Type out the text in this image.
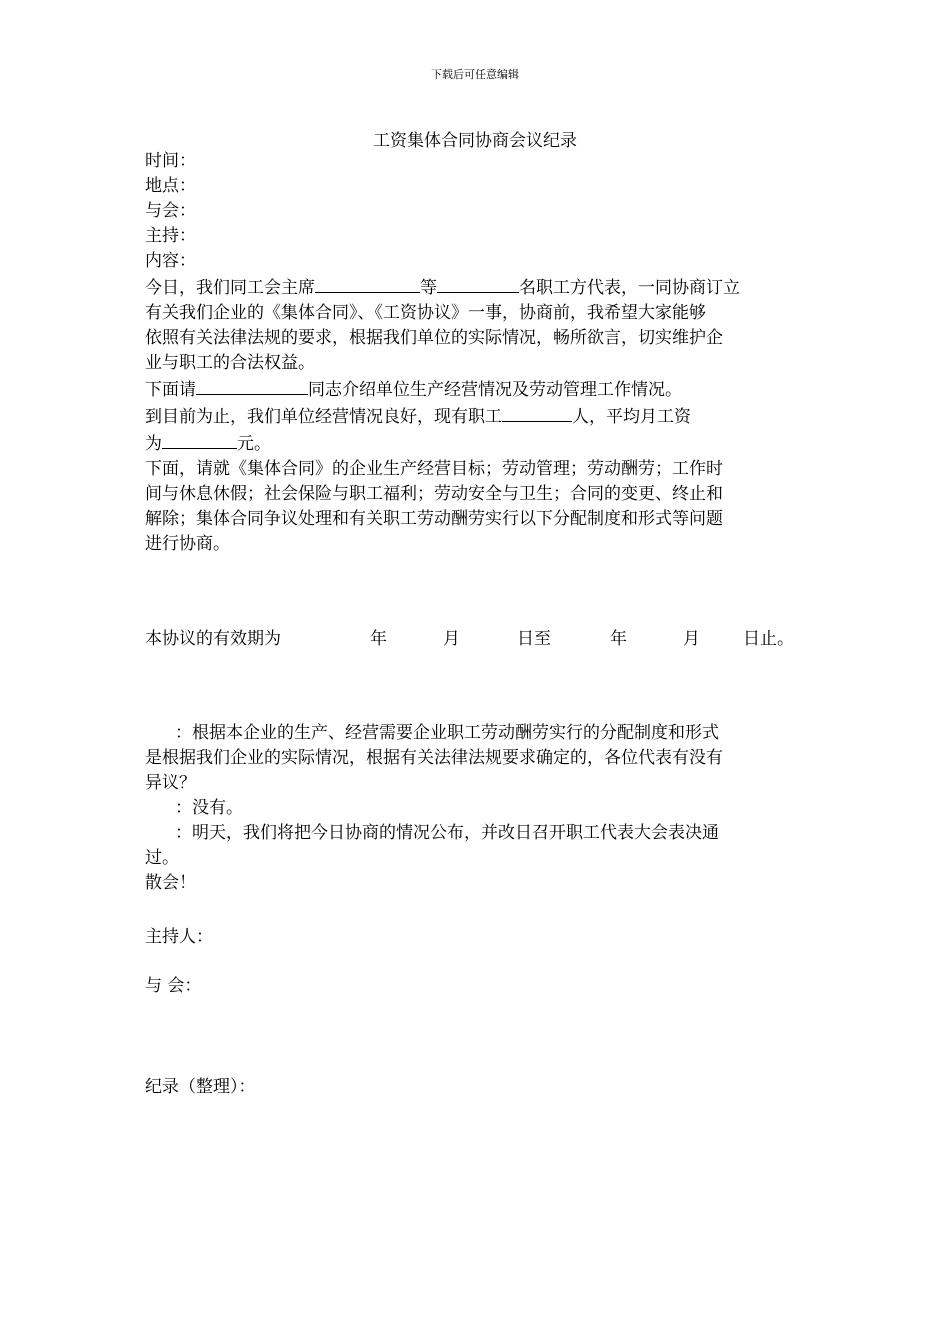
下载后可任意编辑
工资集体合同协商会议纪录
时间：
地点：
与会：
主持：
内容：
今日，我们同工会主席	等	名职工方代表，一同协商订立
有关我们企业的《集体合同》、《工资协议》一事，协商前，我希望大家能够
依照有关法律法规的要求，根据我们单位的实际情况，畅所欲言，切实维护企
业与职工的合法权益。
下面请	同志介绍单位生产经营情况及劳动管理工作情况。
到目前为止，我们单位经营情况良好，现有职工	人，平均月工资
为	元。
下面，请就《集体合同》的企业生产经营目标；劳动管理；劳动酬劳；工作时
间与休息休假；社会保险与职工福利；劳动安全与卫生；合同的变更、终止和
解除；集体合同争议处理和有关职工劳动酬劳实行以下分配制度和形式等问题
进行协商。
本协议的有效期为	年	月	日至	年	月	日止。
：根据本企业的生产、经营需要企业职工劳动酬劳实行的分配制度和形式
是根据我们企业的实际情况，根据有关法律法规要求确定的，各位代表有没有
异议？
：没有。
：明天，我们将把今日协商的情况公布，并改日召开职工代表大会表决通
过。
散会！
主持人：
与 会：
纪录（整理）：
